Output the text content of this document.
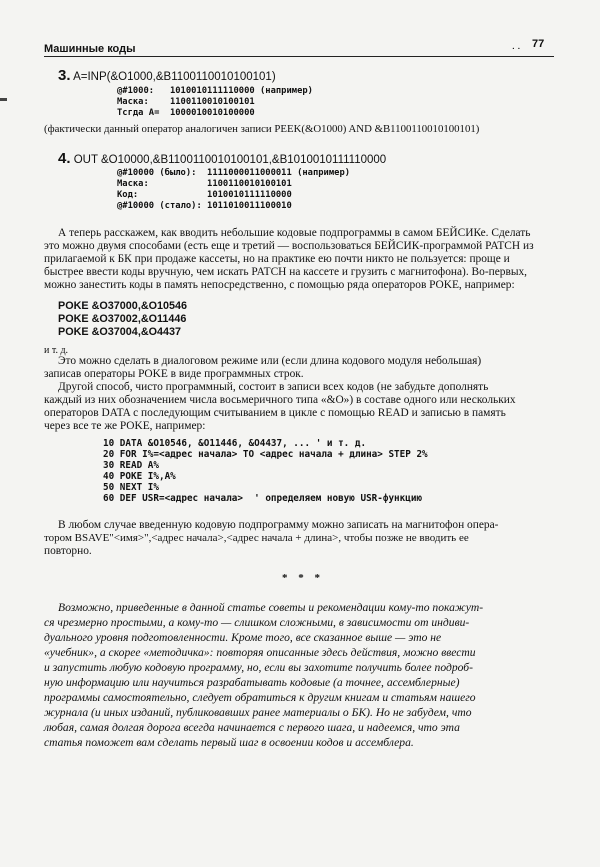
Машинные коды	. . 77
3. A=INP(&O1000,&B1100110010100101)
@#1000:   1010010111110000 (например)
Маска:    1100110010100101
Тсгда А=  1000010010100000
(фактически данный оператор аналогичен записи PEEK(&O1000) AND &B1100110010100101)
4. OUT &O10000,&B1100110010100101,&B1010010111110000
@#10000 (было):  1111000011000011 (например)
Маска:           1100110010100101
Код:             1010010111110000
@#10000 (стало): 1011010011100010
А теперь расскажем, как вводить небольшие кодовые подпрограммы в самом БЕЙСИКе. Сделать
это можно двумя способами (есть еще и третий — воспользоваться БЕЙСИК-программой PATCH из
прилагаемой к БК при продаже кассеты, но на практике ею почти никто не пользуется: проще и
быстрее ввести коды вручную, чем искать PATCH на кассете и грузить с магнитофона). Во-первых,
можно занестить коды в память непосредственно, с помощью ряда операторов POKE, например:
POKE &O37000,&O10546
POKE &O37002,&O11446
POKE &O37004,&O4437
и т. д.
Это можно сделать в диалоговом режиме или (если длина кодового модуля небольшая)
записав операторы POKE в виде программных строк.
Другой способ, чисто программный, состоит в записи всех кодов (не забудьте дополнять
каждый из них обозначением числа восьмеричного типа «&O») в составе одного или нескольких
операторов DATA с последующим считыванием в цикле с помощью READ и записью в память
через все те же POKE, например:
10 DATA &O10546, &O11446, &O4437, ... ' и т. д.
20 FOR I%=<адрес начала> TO <адрес начала + длина> STEP 2%
30 READ A%
40 POKE I%,A%
50 NEXT I%
60 DEF USR=<адрес начала>  ' определяем новую USR-функцию
В любом случае введенную кодовую подпрограмму можно записать на магнитофон опера-
тором BSAVE"<имя>",<адрес начала>,<адрес начала + длина>, чтобы позже не вводить ее
повторно.
* * *
Возможно, приведенные в данной статье советы и рекомендации кому-то покажут-
ся чрезмерно простыми, а кому-то — слишком сложными, в зависимости от индиви-
дуального уровня подготовленности. Кроме того, все сказанное выше — это не
«учебник», а скорее «методичка»: повторяя описанные здесь действия, можно ввести
и запустить любую кодовую программу, но, если вы захотите получить более подроб-
ную информацию или научиться разрабатывать кодовые (а точнее, ассемблерные)
программы самостоятельно, следует обратиться к другим книгам и статьям нашего
журнала (и иных изданий, публиковавших ранее материалы о БК). Но не забудем, что
любая, самая долгая дорога всегда начинается с первого шага, и надеемся, что эта
статья поможет вам сделать первый шаг в освоении кодов и ассемблера.
